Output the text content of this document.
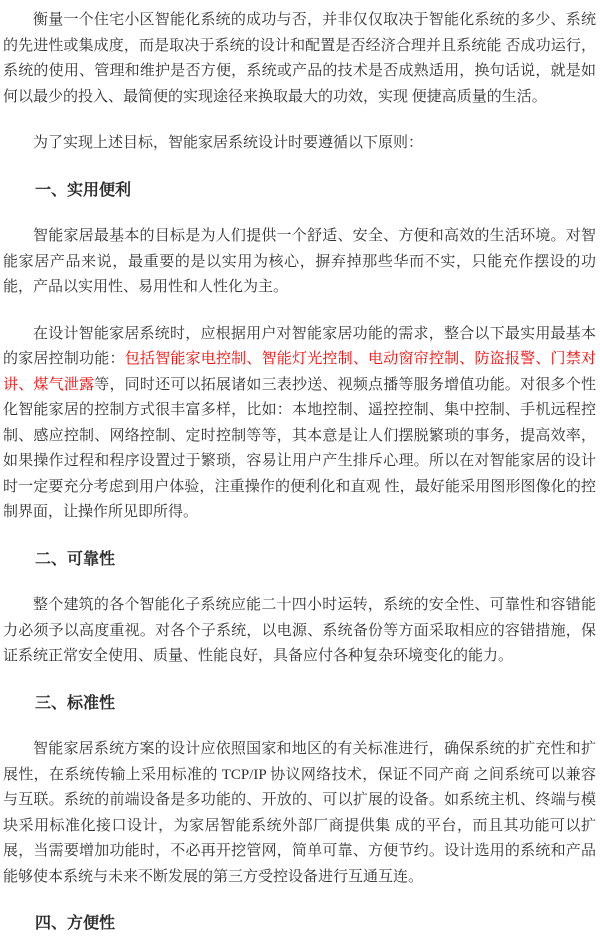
衡量一个住宅小区智能化系统的成功与否，并非仅仅取决于智能化系统的多少、系统的先进性或集成度，而是取决于系统的设计和配置是否经济合理并且系统能 否成功运行，系统的使用、管理和维护是否方便，系统或产品的技术是否成熟适用，换句话说，就是如何以最少的投入、最简便的实现途径来换取最大的功效，实现 便捷高质量的生活。

为了实现上述目标，智能家居系统设计时要遵循以下原则：

一、实用便利

智能家居最基本的目标是为人们提供一个舒适、安全、方便和高效的生活环境。对智能家居产品来说，最重要的是以实用为核心，摒弃掉那些华而不实，只能充作摆设的功能，产品以实用性、易用性和人性化为主。

在设计智能家居系统时，应根据用户对智能家居功能的需求，整合以下最实用最基本的家居控制功能：包括智能家电控制、智能灯光控制、电动窗帘控制、防盗报警、门禁对讲、煤气泄露等，同时还可以拓展诸如三表抄送、视频点播等服务增值功能。对很多个性化智能家居的控制方式很丰富多样，比如：本地控制、遥控控制、集中控制、手机远程控制、感应控制、网络控制、定时控制等等，其本意是让人们摆脱繁琐的事务，提高效率，如果操作过程和程序设置过于繁琐，容易让用户产生排斥心理。所以在对智能家居的设计时一定要充分考虑到用户体验，注重操作的便利化和直观 性，最好能采用图形图像化的控制界面，让操作所见即所得。

二、可靠性

整个建筑的各个智能化子系统应能二十四小时运转，系统的安全性、可靠性和容错能力必须予以高度重视。对各个子系统，以电源、系统备份等方面采取相应的容错措施，保证系统正常安全使用、质量、性能良好，具备应付各种复杂环境变化的能力。

三、标准性

智能家居系统方案的设计应依照国家和地区的有关标准进行，确保系统的扩充性和扩展性，在系统传输上采用标准的 TCP/IP 协议网络技术，保证不同产商 之间系统可以兼容与互联。系统的前端设备是多功能的、开放的、可以扩展的设备。如系统主机、终端与模块采用标准化接口设计，为家居智能系统外部厂商提供集 成的平台，而且其功能可以扩展，当需要增加功能时，不必再开挖管网，简单可靠、方便节约。设计选用的系统和产品能够使本系统与未来不断发展的第三方受控设备进行互通互连。

四、方便性
